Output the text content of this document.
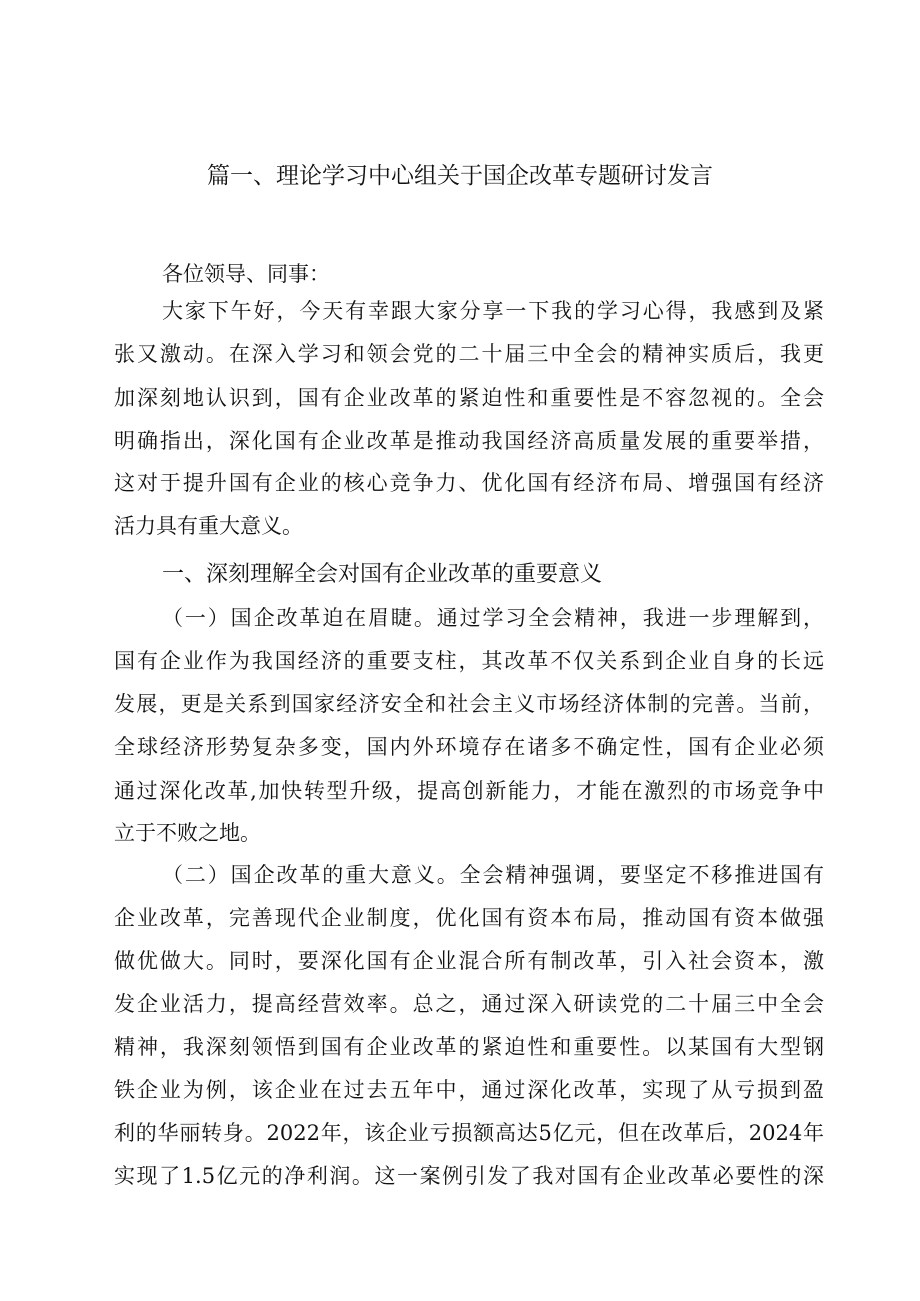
篇一、理论学习中心组关于国企改革专题研讨发言
各位领导、同事：
大家下午好，今天有幸跟大家分享一下我的学习心得，我感到及紧
张又激动。在深入学习和领会党的二十届三中全会的精神实质后，我更
加深刻地认识到，国有企业改革的紧迫性和重要性是不容忽视的。全会
明确指出，深化国有企业改革是推动我国经济高质量发展的重要举措，
这对于提升国有企业的核心竞争力、优化国有经济布局、增强国有经济
活力具有重大意义。
一、深刻理解全会对国有企业改革的重要意义
（一）国企改革迫在眉睫。通过学习全会精神，我进一步理解到，
国有企业作为我国经济的重要支柱，其改革不仅关系到企业自身的长远
发展，更是关系到国家经济安全和社会主义市场经济体制的完善。当前，
全球经济形势复杂多变，国内外环境存在诸多不确定性，国有企业必须
通过深化改革,加快转型升级，提高创新能力，才能在激烈的市场竞争中
立于不败之地。
（二）国企改革的重大意义。全会精神强调，要坚定不移推进国有
企业改革，完善现代企业制度，优化国有资本布局，推动国有资本做强
做优做大。同时，要深化国有企业混合所有制改革，引入社会资本，激
发企业活力，提高经营效率。总之，通过深入研读党的二十届三中全会
精神，我深刻领悟到国有企业改革的紧迫性和重要性。以某国有大型钢
铁企业为例，该企业在过去五年中，通过深化改革，实现了从亏损到盈
利的华丽转身。2022年，该企业亏损额高达5亿元，但在改革后，2024年
实现了1.5亿元的净利润。这一案例引发了我对国有企业改革必要性的深
